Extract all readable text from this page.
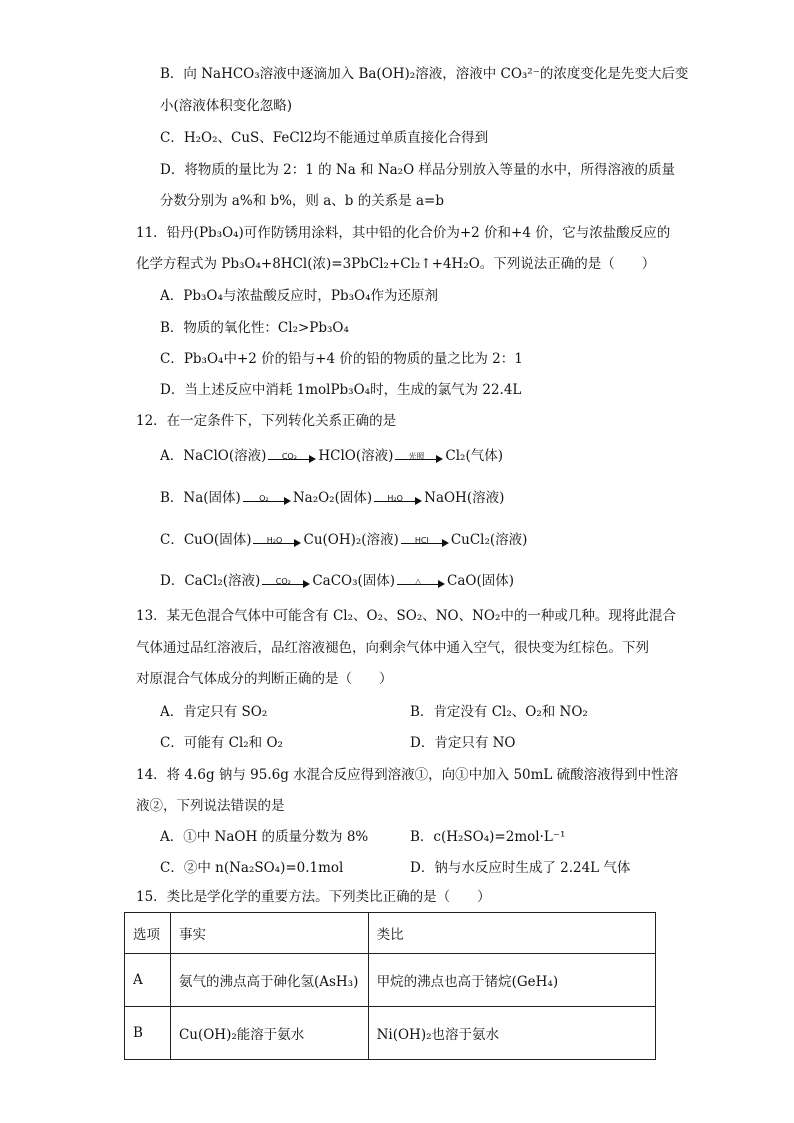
B．向 NaHCO₃溶液中逐滴加入 Ba(OH)₂溶液，溶液中 CO₃²⁻的浓度变化是先变大后变
小(溶液体积变化忽略)
C．H₂O₂、CuS、FeCl2均不能通过单质直接化合得到
D．将物质的量比为 2：1 的 Na 和 Na₂O 样品分别放入等量的水中，所得溶液的质量
分数分别为 a%和 b%，则 a、b 的关系是 a=b
11．铅丹(Pb₃O₄)可作防锈用涂料，其中铅的化合价为+2 价和+4 价，它与浓盐酸反应的
化学方程式为 Pb₃O₄+8HCl(浓)=3PbCl₂+Cl₂↑+4H₂O。下列说法正确的是（　　）
A．Pb₃O₄与浓盐酸反应时，Pb₃O₄作为还原剂
B．物质的氧化性：Cl₂>Pb₃O₄
C．Pb₃O₄中+2 价的铅与+4 价的铅的物质的量之比为 2：1
D．当上述反应中消耗 1molPb₃O₄时，生成的氯气为 22.4L
12．在一定条件下，下列转化关系正确的是
A．NaClO(溶液)	CO₂	HClO(溶液)	光照	Cl₂(气体)
B．Na(固体)	O₂	Na₂O₂(固体)	H₂O	NaOH(溶液)
C．CuO(固体)	H₂O	Cu(OH)₂(溶液)	HCl	CuCl₂(溶液)
D．CaCl₂(溶液)	CO₂	CaCO₃(固体)	△	CaO(固体)
13．某无色混合气体中可能含有 Cl₂、O₂、SO₂、NO、NO₂中的一种或几种。现将此混合
气体通过品红溶液后，品红溶液褪色，向剩余气体中通入空气，很快变为红棕色。下列
对原混合气体成分的判断正确的是（　　）
A．肯定只有 SO₂	B．肯定没有 Cl₂、O₂和 NO₂
C．可能有 Cl₂和 O₂	D．肯定只有 NO
14．将 4.6g 钠与 95.6g 水混合反应得到溶液①，向①中加入 50mL 硫酸溶液得到中性溶
液②，下列说法错误的是
A．①中 NaOH 的质量分数为 8%	B．c(H₂SO₄)=2mol·L⁻¹
C．②中 n(Na₂SO₄)=0.1mol	D．钠与水反应时生成了 2.24L 气体
15．类比是学化学的重要方法。下列类比正确的是（　　）
选项	事实	类比
A	氨气的沸点高于砷化氢(AsH₃)	甲烷的沸点也高于锗烷(GeH₄)
B	Cu(OH)₂能溶于氨水	Ni(OH)₂也溶于氨水
